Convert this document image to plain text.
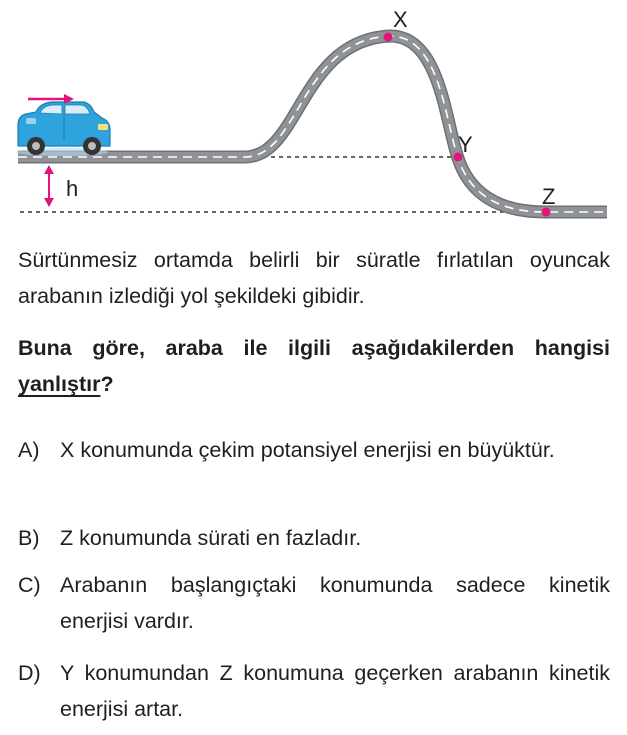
h
X
Y
Z
Sürtünmesiz ortamda belirli bir süratle fırlatılan oyuncak arabanın izlediği yol şekildeki gibidir.
Buna göre, araba ile ilgili aşağıdakilerden hangisi yanlıştır?
A) X konumunda çekim potansiyel enerjisi en büyüktür.
B) Z konumunda sürati en fazladır.
C) Arabanın başlangıçtaki konumunda sadece kinetik enerjisi vardır.
D) Y konumundan Z konumuna geçerken arabanın kinetik enerjisi artar.
